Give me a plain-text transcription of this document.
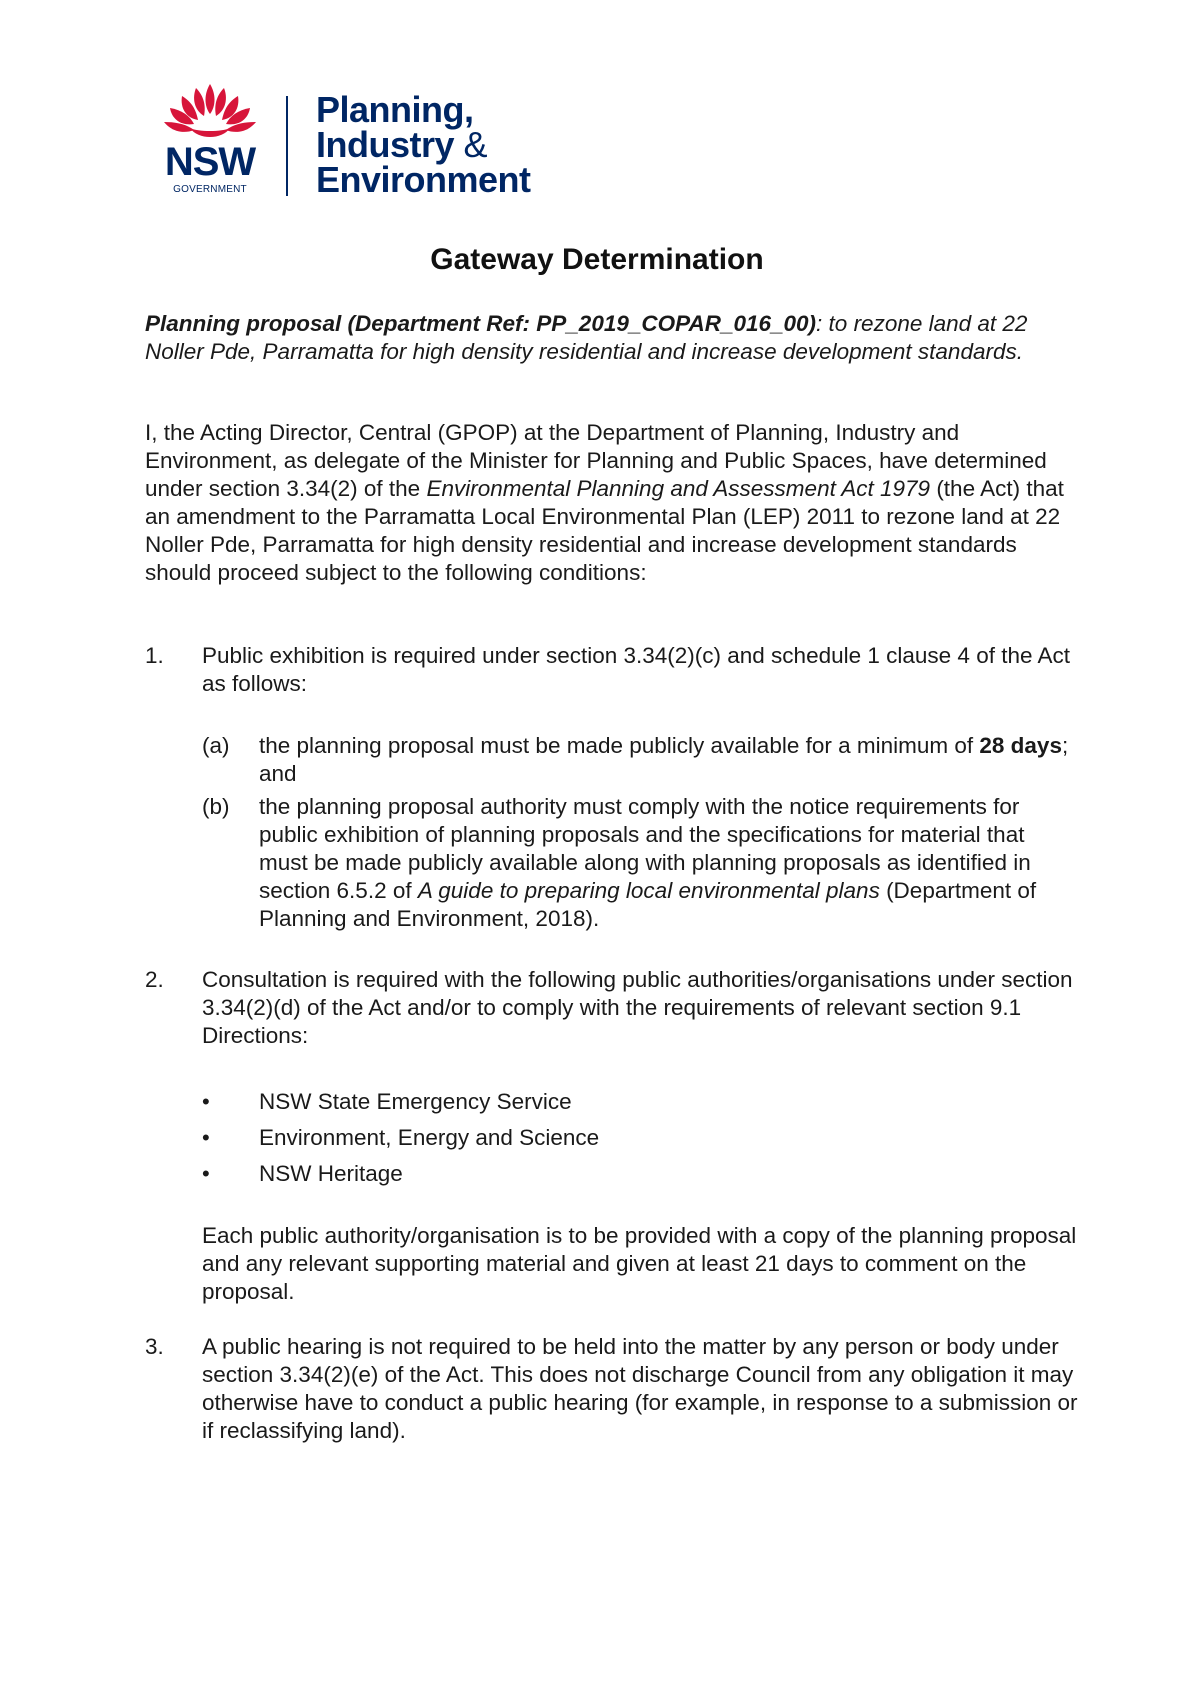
NSW
GOVERNMENT
Planning,
Industry &
Environment
Gateway Determination
Planning proposal (Department Ref: PP_2019_COPAR_016_00): to rezone land at 22 Noller Pde, Parramatta for high density residential and increase development standards.
I, the Acting Director, Central (GPOP) at the Department of Planning, Industry and Environment, as delegate of the Minister for Planning and Public Spaces, have determined under section 3.34(2) of the Environmental Planning and Assessment Act 1979 (the Act) that an amendment to the Parramatta Local Environmental Plan (LEP) 2011 to rezone land at 22 Noller Pde, Parramatta for high density residential and increase development standards should proceed subject to the following conditions:
1. Public exhibition is required under section 3.34(2)(c) and schedule 1 clause 4 of the Act as follows:
(a) the planning proposal must be made publicly available for a minimum of 28 days; and
(b) the planning proposal authority must comply with the notice requirements for public exhibition of planning proposals and the specifications for material that must be made publicly available along with planning proposals as identified in section 6.5.2 of A guide to preparing local environmental plans (Department of Planning and Environment, 2018).
2. Consultation is required with the following public authorities/organisations under section 3.34(2)(d) of the Act and/or to comply with the requirements of relevant section 9.1 Directions:
• NSW State Emergency Service
• Environment, Energy and Science
• NSW Heritage
Each public authority/organisation is to be provided with a copy of the planning proposal and any relevant supporting material and given at least 21 days to comment on the proposal.
3. A public hearing is not required to be held into the matter by any person or body under section 3.34(2)(e) of the Act. This does not discharge Council from any obligation it may otherwise have to conduct a public hearing (for example, in response to a submission or if reclassifying land).
